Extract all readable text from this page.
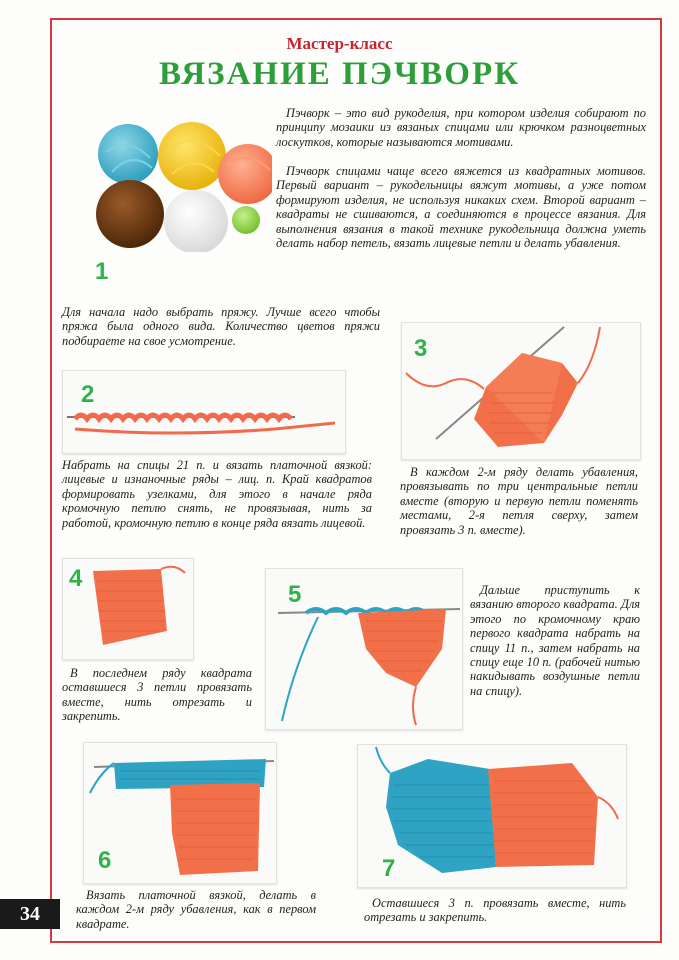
34
Мастер-класс
ВЯЗАНИЕ ПЭЧВОРК
1
Пэчворк – это вид рукоделия, при котором изделия собирают по принципу мозаики из вязаных спицами или крючком разноцветных лоскутков, которые называются мотивами.
Пэчворк спицами чаще всего вяжется из квадратных мотивов. Первый вариант – рукодельницы вяжут мотивы, а уже потом формируют изделия, не используя никаких схем. Второй вариант – квадраты не сшиваются, а соединяются в процессе вязания. Для выполнения вязания в такой технике рукодельница должна уметь делать набор петель, вязать лицевые петли и делать убавления.
Для начала надо выбрать пряжу. Лучше всего чтобы пряжа была одного вида. Количество цветов пряжи подбираете на свое усмотрение.
2
Набрать на спицы 21 п. и вязать платочной вязкой: лицевые и изнаночные ряды – лиц. п. Край квадратов формировать узелками, для этого в начале ряда кромочную петлю снять, не провязывая, нить за работой, кромочную петлю в конце ряда вязать лицевой.
3
В каждом 2-м ряду делать убавления, провязывать по три центральные петли вместе (вторую и первую петли поменять местами, 2-я петля сверху, затем провязать 3 п. вместе).
4
В последнем ряду квадрата оставшиеся 3 петли провязать вместе, нить отрезать и закрепить.
5	Дальше приступить к вязанию второго квадрата. Для этого по кромочному краю первого квадрата набрать на спицу 11 п., затем набрать на спицу еще 10 п. (рабочей нитью накидывать воздушные петли на спицу).
6
Вязать платочной вязкой, делать в каждом 2-м ряду убавления, как в первом квадрате.
7
Оставшиеся 3 п. провязать вместе, нить отрезать и закрепить.
